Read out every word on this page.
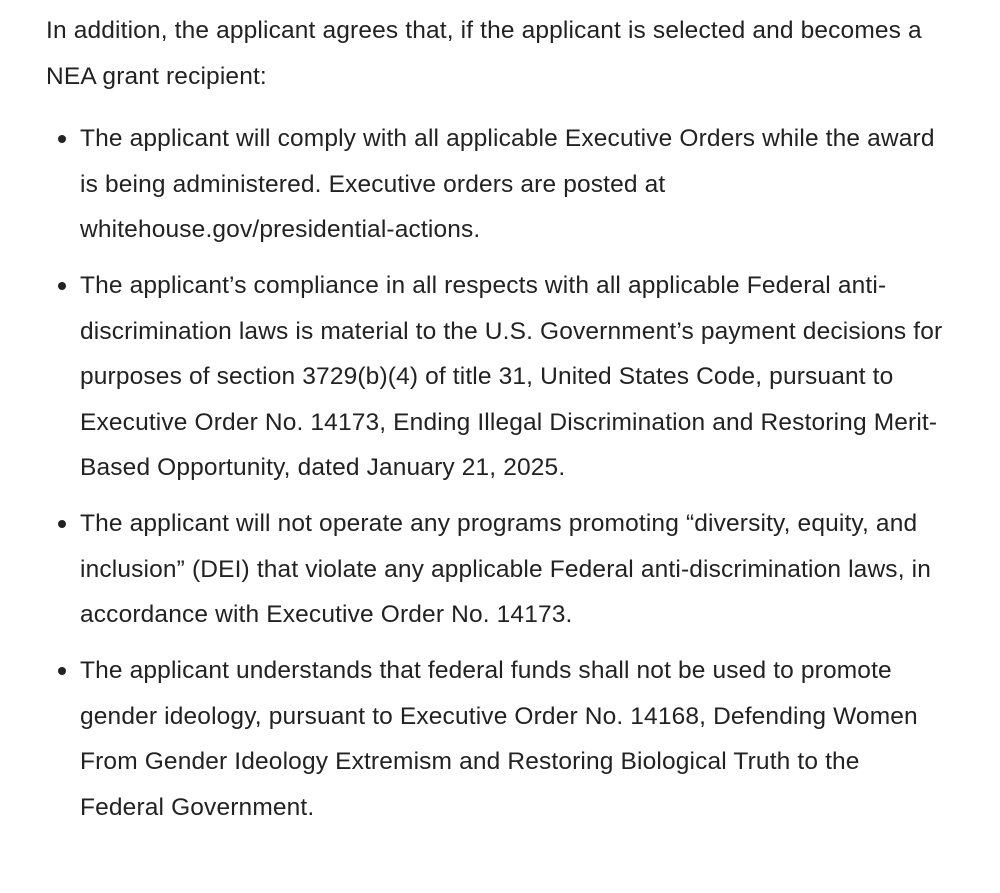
In addition, the applicant agrees that, if the applicant is selected and becomes a NEA grant recipient:

The applicant will comply with all applicable Executive Orders while the award is being administered. Executive orders are posted at whitehouse.gov/presidential-actions.
The applicant’s compliance in all respects with all applicable Federal anti-discrimination laws is material to the U.S. Government’s payment decisions for purposes of section 3729(b)(4) of title 31, United States Code, pursuant to Executive Order No. 14173, Ending Illegal Discrimination and Restoring Merit-Based Opportunity, dated January 21, 2025.
The applicant will not operate any programs promoting “diversity, equity, and inclusion” (DEI) that violate any applicable Federal anti-discrimination laws, in accordance with Executive Order No. 14173.
The applicant understands that federal funds shall not be used to promote gender ideology, pursuant to Executive Order No. 14168, Defending Women From Gender Ideology Extremism and Restoring Biological Truth to the Federal Government.
